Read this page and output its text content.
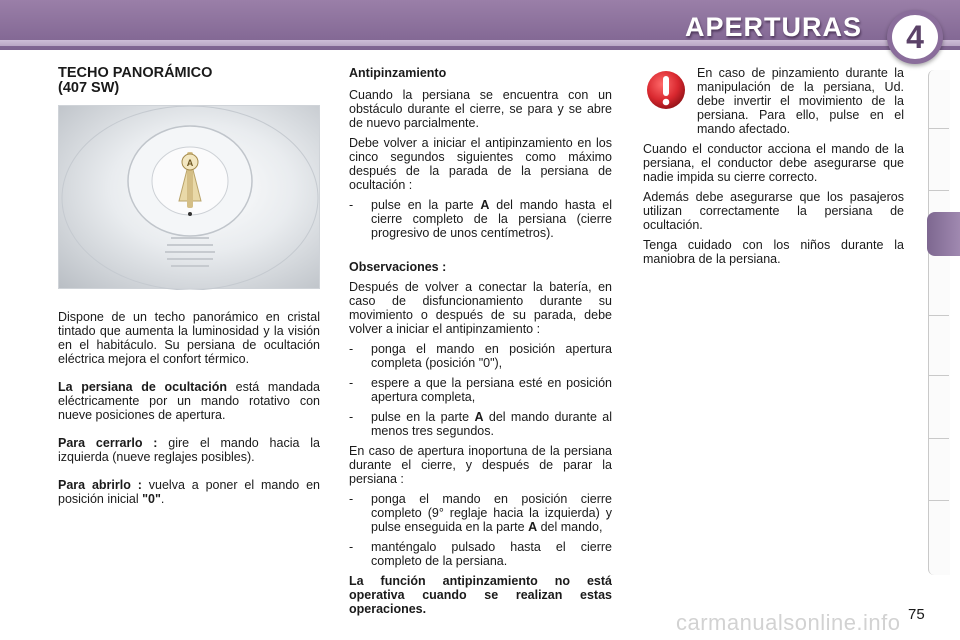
APERTURAS 4
TECHO PANORÁMICO
(407 SW)
A

Dispone de un techo panorámico en cristal tintado que aumenta la luminosidad y la visión en el habitáculo. Su persiana de ocultación eléctrica mejora el confort térmico.

La persiana de ocultación está mandada eléctricamente por un mando rotativo con nueve posiciones de apertura.

Para cerrarlo : gire el mando hacia la izquierda (nueve reglajes posibles).

Para abrirlo : vuelva a poner el mando en posición inicial "0".

Antipinzamiento

Cuando la persiana se encuentra con un obstáculo durante el cierre, se para y se abre de nuevo parcialmente.

Debe volver a iniciar el antipinzamiento en los cinco segundos siguientes como máximo después de la parada de la persiana de ocultación :

-	pulse en la parte A del mando hasta el cierre completo de la persiana (cierre progresivo de unos centímetros).

Observaciones :

Después de volver a conectar la batería, en caso de disfuncionamiento durante su movimiento o después de su parada, debe volver a iniciar el antipinzamiento :

-	ponga el mando en posición apertura completa (posición "0"),
-	espere a que la persiana esté en posición apertura completa,
-	pulse en la parte A del mando durante al menos tres segundos.

En caso de apertura inoportuna de la persiana durante el cierre, y después de parar la persiana :

-	ponga el mando en posición cierre completo (9° reglaje hacia la izquierda) y pulse enseguida en la parte A del mando,
-	manténgalo pulsado hasta el cierre completo de la persiana.

La función antipinzamiento no está operativa cuando se realizan estas operaciones.

En caso de pinzamiento durante la manipulación de la persiana, Ud. debe invertir el movimiento de la persiana. Para ello, pulse en el mando afectado.

Cuando el conductor acciona el mando de la persiana, el conductor debe asegurarse que nadie impida su cierre correcto.

Además debe asegurarse que los pasajeros utilizan correctamente la persiana de ocultación.

Tenga cuidado con los niños durante la maniobra de la persiana.

carmanualsonline.info 75
